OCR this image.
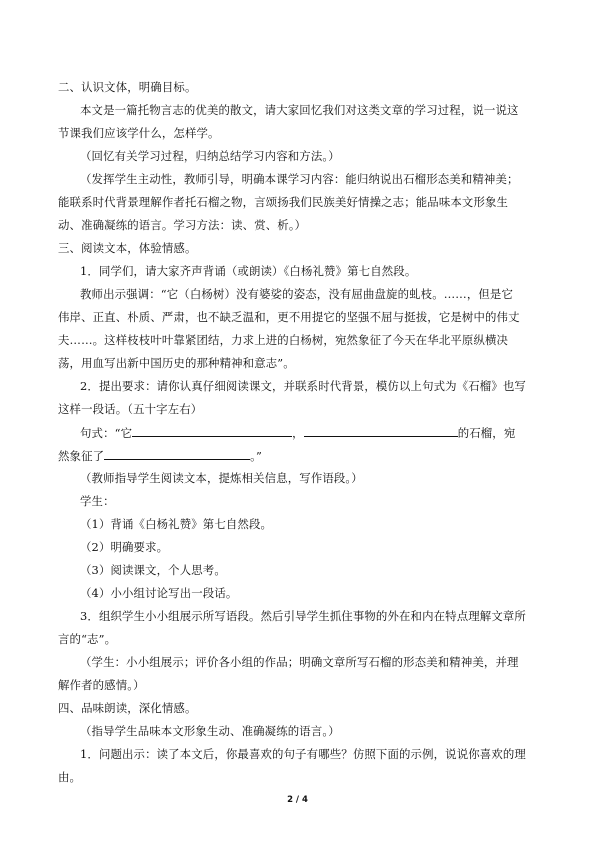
二、认识文体，明确目标。
本文是一篇托物言志的优美的散文，请大家回忆我们对这类文章的学习过程，说一说这
节课我们应该学什么，怎样学。
（回忆有关学习过程，归纳总结学习内容和方法。）
（发挥学生主动性，教师引导，明确本课学习内容：能归纳说出石榴形态美和精神美；
能联系时代背景理解作者托石榴之物，言颂扬我们民族美好情操之志；能品味本文形象生
动、准确凝练的语言。学习方法：读、赏、析。）
三、阅读文本，体验情感。
1．同学们，请大家齐声背诵（或朗读）《白杨礼赞》第七自然段。
教师出示强调：“它（白杨树）没有婆娑的姿态，没有屈曲盘旋的虬枝。……，但是它
伟岸、正直、朴质、严肃，也不缺乏温和，更不用提它的坚强不屈与挺拔，它是树中的伟丈
夫……。这样枝枝叶叶靠紧团结，力求上进的白杨树，宛然象征了今天在华北平原纵横决
荡，用血写出新中国历史的那种精神和意志”。
2．提出要求：请你认真仔细阅读课文，并联系时代背景，模仿以上句式为《石榴》也写
这样一段话。（五十字左右）
句式：“它	，	的石榴，宛
然象征了	。”
（教师指导学生阅读文本，提炼相关信息，写作语段。）
学生：
（1）背诵《白杨礼赞》第七自然段。
（2）明确要求。
（3）阅读课文，个人思考。
（4）小小组讨论写出一段话。
3．组织学生小小组展示所写语段。然后引导学生抓住事物的外在和内在特点理解文章所
言的“志”。
（学生：小小组展示；评价各小组的作品；明确文章所写石榴的形态美和精神美，并理
解作者的感情。）
四、品味朗读，深化情感。
（指导学生品味本文形象生动、准确凝练的语言。）
1．问题出示：读了本文后，你最喜欢的句子有哪些？仿照下面的示例，说说你喜欢的理
由。
2 / 4
